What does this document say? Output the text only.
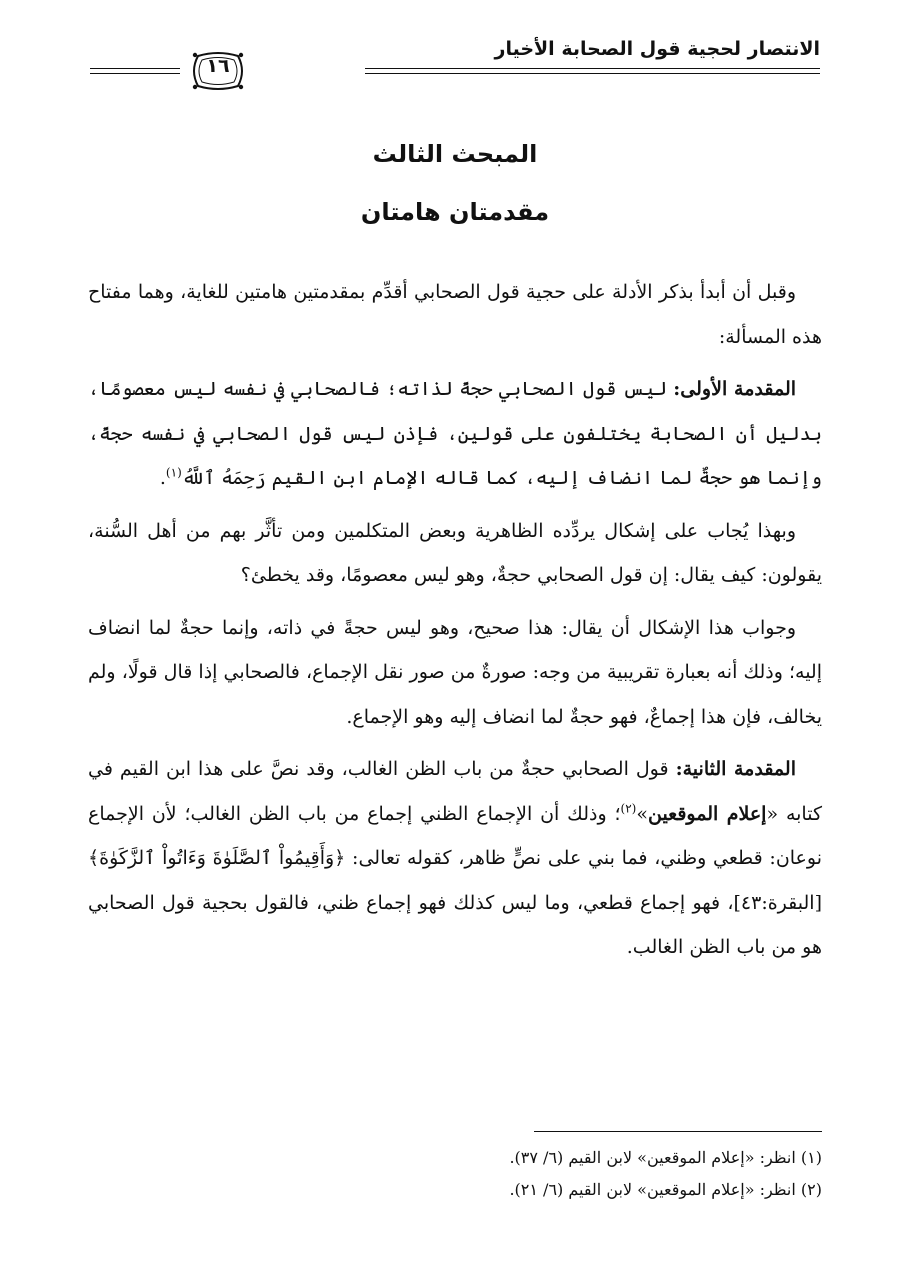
الانتصار لحجية قول الصحابة الأخيار
١٦
المبحث الثالث
مقدمتان هامتان

وقبل أن أبدأ بذكر الأدلة على حجية قول الصحابي أقدِّم بمقدمتين هامتين للغاية، وهما مفتاح هذه المسألة:

المقدمة الأولى: ليس قول الصحابي حجةً لذاته؛ فالصحابي في نفسه ليس معصومًا، بدليل أن الصحابة يختلفون على قولين، فإذن ليس قول الصحابي في نفسه حجةً، وإنما هو حجةٌ لما انضاف إليه، كما قاله الإمام ابن القيم رَحِمَهُ ٱللَّهُ$^{(١)}$.

وبهذا يُجاب على إشكال يردِّده الظاهرية وبعض المتكلمين ومن تأثَّر بهم من أهل السُّنة، يقولون: كيف يقال: إن قول الصحابي حجةٌ، وهو ليس معصومًا، وقد يخطئ؟

وجواب هذا الإشكال أن يقال: هذا صحيح، وهو ليس حجةً في ذاته، وإنما حجةٌ لما انضاف إليه؛ وذلك أنه بعبارة تقريبية من وجه: صورةٌ من صور نقل الإجماع، فالصحابي إذا قال قولًا، ولم يخالف، فإن هذا إجماعٌ، فهو حجةٌ لما انضاف إليه وهو الإجماع.

المقدمة الثانية: قول الصحابي حجةٌ من باب الظن الغالب، وقد نصَّ على هذا ابن القيم في كتابه «إعلام الموقعين»$^{(٢)}$؛ وذلك أن الإجماع الظني إجماع من باب الظن الغالب؛ لأن الإجماع نوعان: قطعي وظني، فما بني على نصٍّ ظاهر، كقوله تعالى: ﴿وَأَقِيمُواْ ٱلصَّلَوٰةَ وَءَاتُواْ ٱلزَّكَوٰةَ﴾ [البقرة:٤٣]، فهو إجماع قطعي، وما ليس كذلك فهو إجماع ظني، فالقول بحجية قول الصحابي هو من باب الظن الغالب.

(١) انظر: «إعلام الموقعين» لابن القيم (٦/ ٣٧).

(٢) انظر: «إعلام الموقعين» لابن القيم (٦/ ٢١).
